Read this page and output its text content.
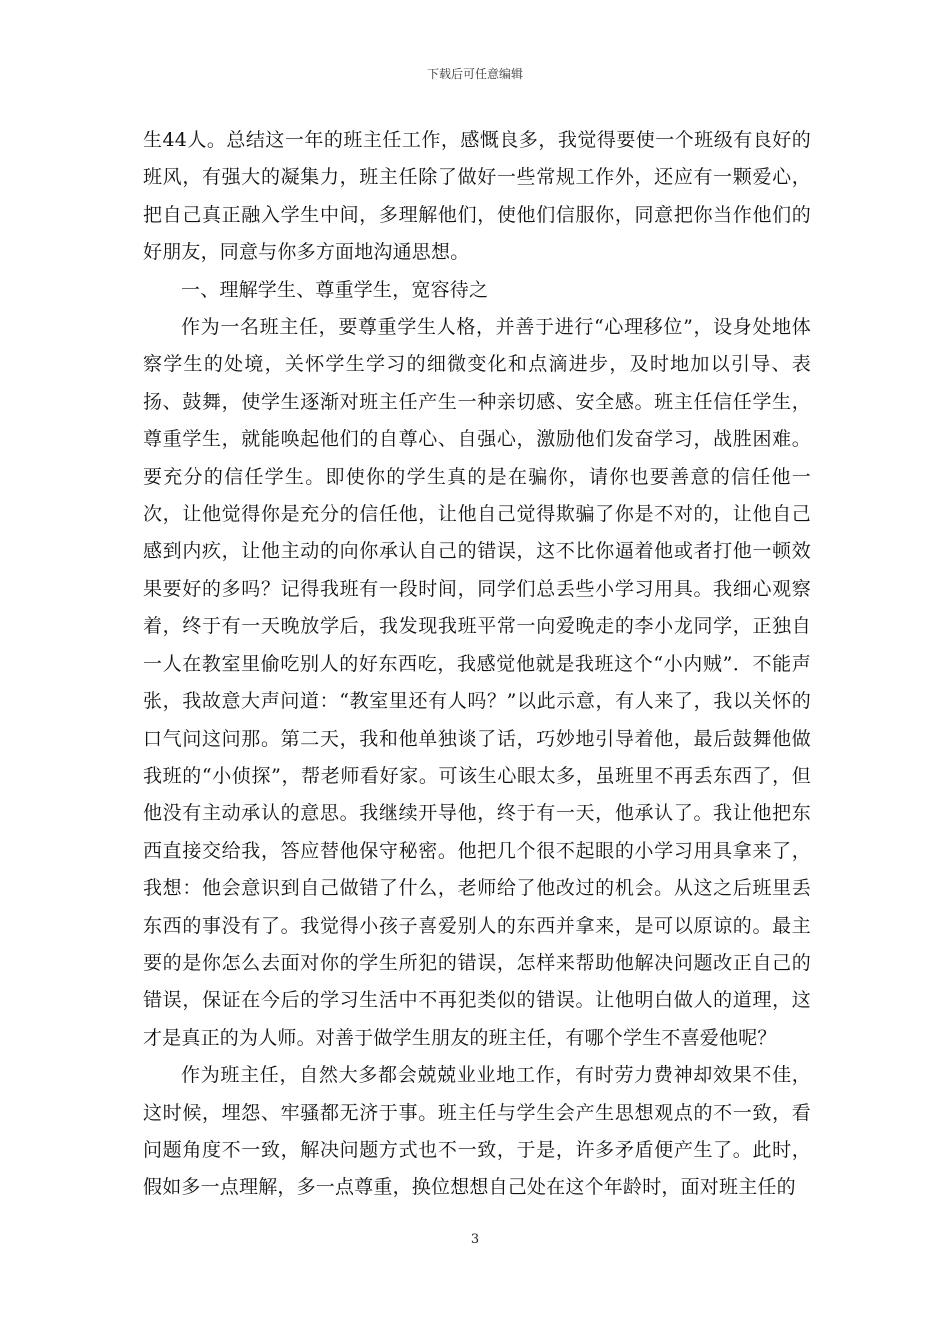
下载后可任意编辑

生44人。总结这一年的班主任工作，感慨良多，我觉得要使一个班级有良好的班风，有强大的凝集力，班主任除了做好一些常规工作外，还应有一颗爱心，把自己真正融入学生中间，多理解他们，使他们信服你，同意把你当作他们的好朋友，同意与你多方面地沟通思想。

一、理解学生、尊重学生，宽容待之

作为一名班主任，要尊重学生人格，并善于进行“心理移位”，设身处地体察学生的处境，关怀学生学习的细微变化和点滴进步，及时地加以引导、表扬、鼓舞，使学生逐渐对班主任产生一种亲切感、安全感。班主任信任学生，尊重学生，就能唤起他们的自尊心、自强心，激励他们发奋学习，战胜困难。要充分的信任学生。即使你的学生真的是在骗你，请你也要善意的信任他一次，让他觉得你是充分的信任他，让他自己觉得欺骗了你是不对的，让他自己感到内疚，让他主动的向你承认自己的错误，这不比你逼着他或者打他一顿效果要好的多吗？记得我班有一段时间，同学们总丢些小学习用具。我细心观察着，终于有一天晚放学后，我发现我班平常一向爱晚走的李小龙同学，正独自一人在教室里偷吃别人的好东西吃，我感觉他就是我班这个“小内贼”．不能声张，我故意大声问道：“教室里还有人吗？”以此示意，有人来了，我以关怀的口气问这问那。第二天，我和他单独谈了话，巧妙地引导着他，最后鼓舞他做我班的“小侦探”，帮老师看好家。可该生心眼太多，虽班里不再丢东西了，但他没有主动承认的意思。我继续开导他，终于有一天，他承认了。我让他把东西直接交给我，答应替他保守秘密。他把几个很不起眼的小学习用具拿来了，我想：他会意识到自己做错了什么，老师给了他改过的机会。从这之后班里丢东西的事没有了。我觉得小孩子喜爱别人的东西并拿来，是可以原谅的。最主要的是你怎么去面对你的学生所犯的错误，怎样来帮助他解决问题改正自己的错误，保证在今后的学习生活中不再犯类似的错误。让他明白做人的道理，这才是真正的为人师。对善于做学生朋友的班主任，有哪个学生不喜爱他呢？

作为班主任，自然大多都会兢兢业业地工作，有时劳力费神却效果不佳，这时候，埋怨、牢骚都无济于事。班主任与学生会产生思想观点的不一致，看问题角度不一致，解决问题方式也不一致，于是，许多矛盾便产生了。此时，假如多一点理解，多一点尊重，换位想想自己处在这个年龄时，面对班主任的

3
